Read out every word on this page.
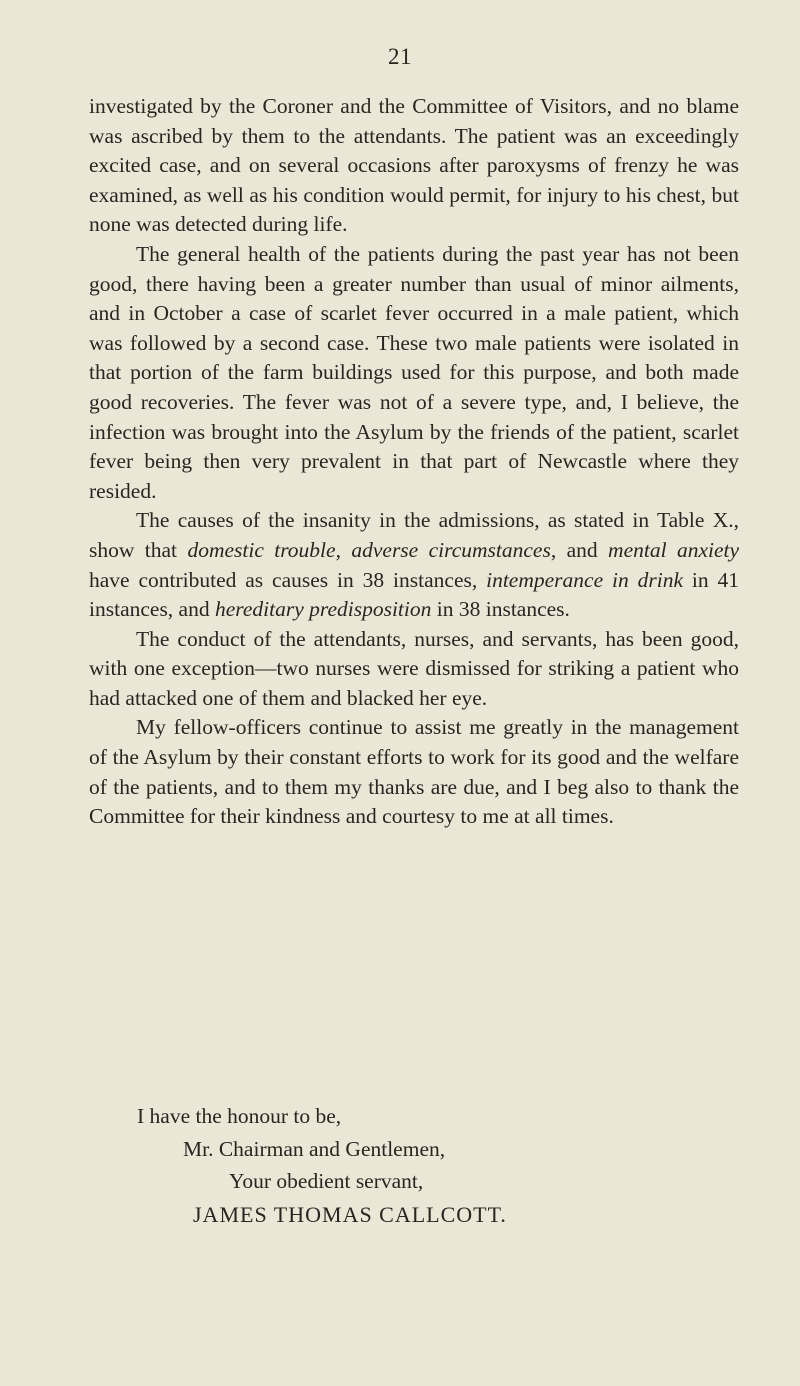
21

investigated by the Coroner and the Committee of Visitors, and no blame was ascribed by them to the attendants. The patient was an exceedingly excited case, and on several occasions after paroxysms of frenzy he was examined, as well as his condition would permit, for injury to his chest, but none was detected during life.

The general health of the patients during the past year has not been good, there having been a greater number than usual of minor ailments, and in October a case of scarlet fever occurred in a male patient, which was followed by a second case. These two male patients were isolated in that portion of the farm buildings used for this purpose, and both made good recoveries. The fever was not of a severe type, and, I believe, the infection was brought into the Asylum by the friends of the patient, scarlet fever being then very prevalent in that part of Newcastle where they resided.

The causes of the insanity in the admissions, as stated in Table X., show that domestic trouble, adverse circumstances, and mental anxiety have contributed as causes in 38 instances, intemperance in drink in 41 instances, and hereditary predisposition in 38 instances.

The conduct of the attendants, nurses, and servants, has been good, with one exception—two nurses were dismissed for striking a patient who had attacked one of them and blacked her eye.

My fellow-officers continue to assist me greatly in the management of the Asylum by their constant efforts to work for its good and the welfare of the patients, and to them my thanks are due, and I beg also to thank the Committee for their kindness and courtesy to me at all times.

I have the honour to be,
Mr. Chairman and Gentlemen,
Your obedient servant,
JAMES THOMAS CALLCOTT.
